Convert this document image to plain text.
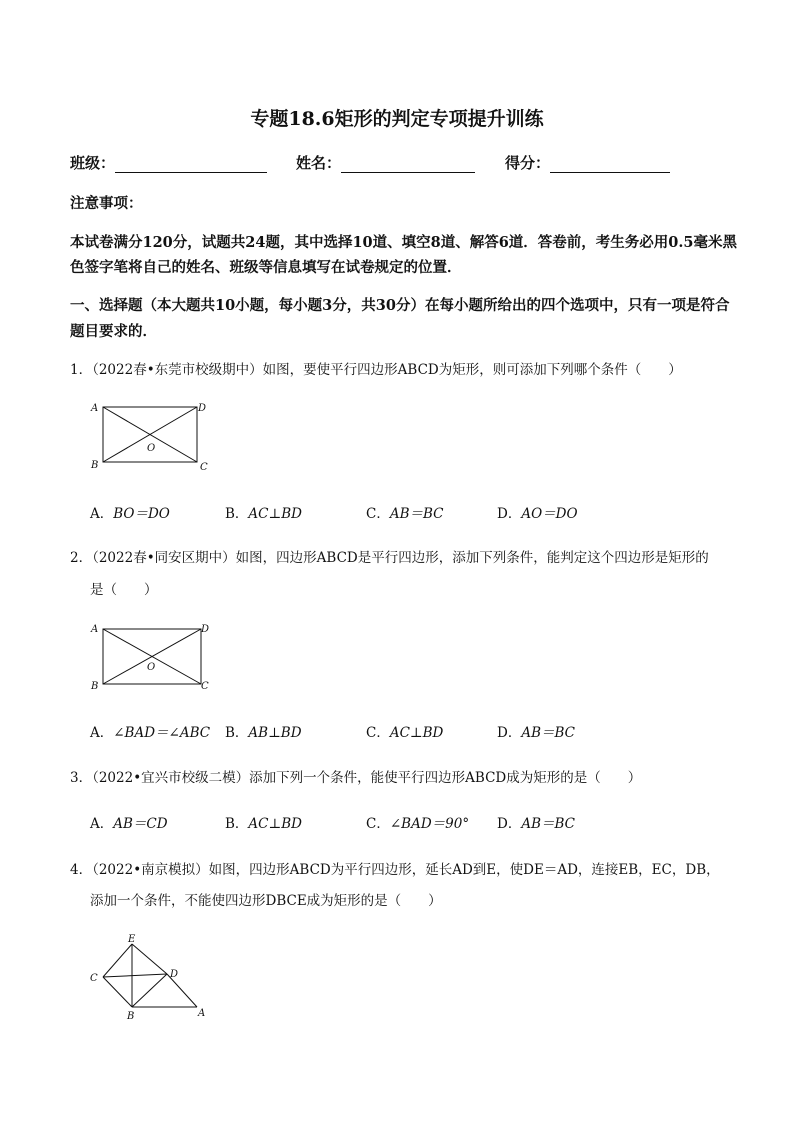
专题18.6矩形的判定专项提升训练
班级：	姓名：	得分：
注意事项：
本试卷满分120分，试题共24题，其中选择10道、填空8道、解答6道．答卷前，考生务必用0.5毫米黑
色签字笔将自己的姓名、班级等信息填写在试卷规定的位置．
一、选择题（本大题共10小题，每小题3分，共30分）在每小题所给出的四个选项中，只有一项是符合
题目要求的．
1．（2022春•东莞市校级期中）如图，要使平行四边形ABCD为矩形，则可添加下列哪个条件（　　）
A	D
O
B	C
A．BO＝DO	B．AC⊥BD	C．AB＝BC	D．AO＝DO
2．（2022春•同安区期中）如图，四边形ABCD是平行四边形，添加下列条件，能判定这个四边形是矩形的
是（　　）
A	D
O
B	C
A．∠BAD＝∠ABC B．AB⊥BD	C．AC⊥BD	D．AB＝BC
3．（2022•宜兴市校级二模）添加下列一个条件，能使平行四边形ABCD成为矩形的是（　　）
A．AB＝CD	B．AC⊥BD	C．∠BAD＝90° D．AB＝BC
4．（2022•南京模拟）如图，四边形ABCD为平行四边形，延长AD到E，使DE＝AD，连接EB，EC，DB，
添加一个条件，不能使四边形DBCE成为矩形的是（　　）
E
C	D
B	A
